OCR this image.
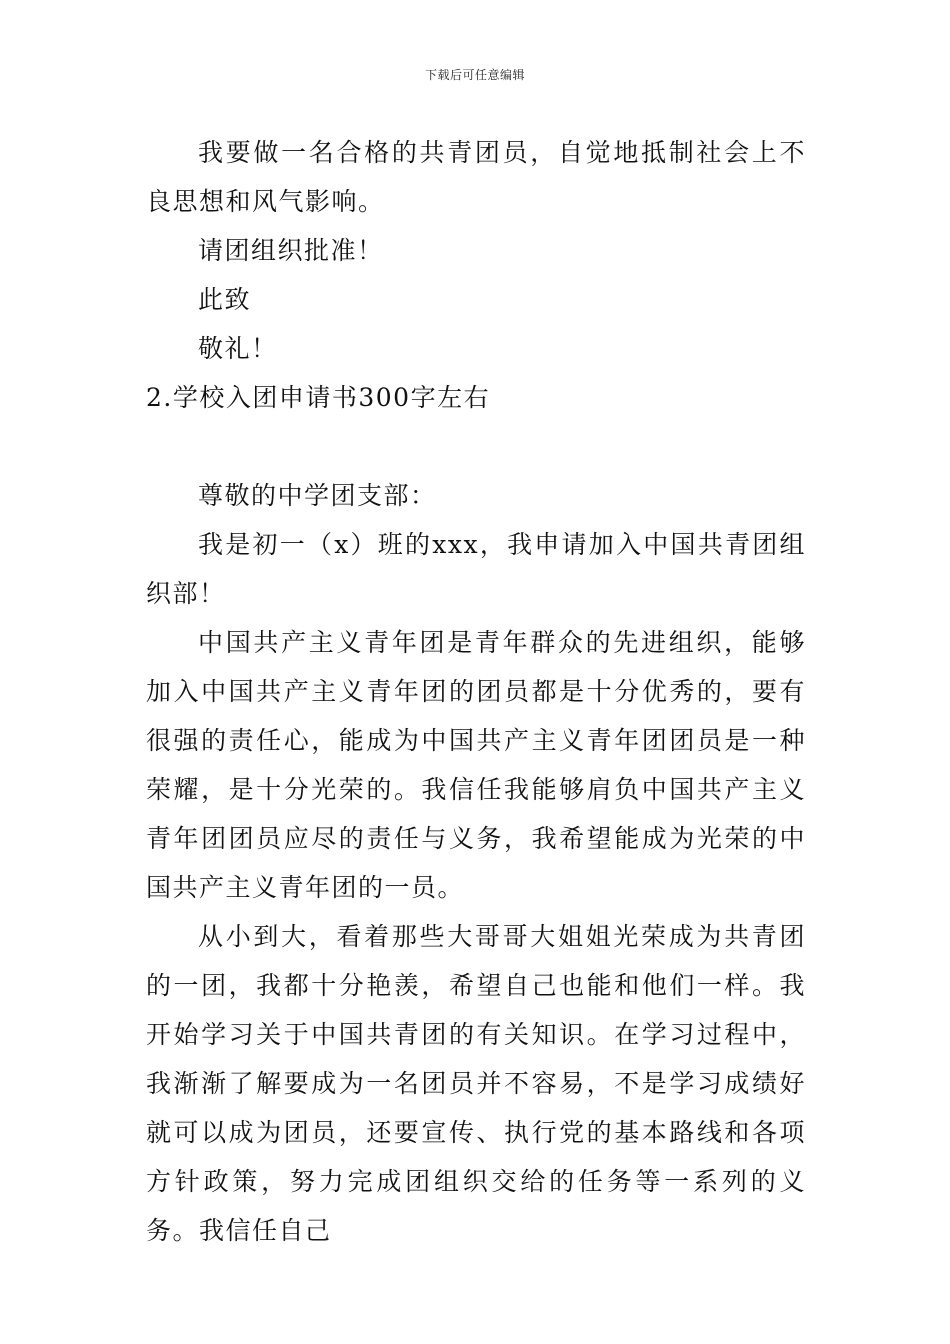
下载后可任意编辑

我要做一名合格的共青团员，自觉地抵制社会上不良思想和风气影响。

请团组织批准！

此致

敬礼！

2.学校入团申请书300字左右

尊敬的中学团支部：

我是初一（x）班的xxx，我申请加入中国共青团组织部！

中国共产主义青年团是青年群众的先进组织，能够加入中国共产主义青年团的团员都是十分优秀的，要有很强的责任心，能成为中国共产主义青年团团员是一种荣耀，是十分光荣的。我信任我能够肩负中国共产主义青年团团员应尽的责任与义务，我希望能成为光荣的中国共产主义青年团的一员。

从小到大，看着那些大哥哥大姐姐光荣成为共青团的一团，我都十分艳羡，希望自己也能和他们一样。我开始学习关于中国共青团的有关知识。在学习过程中，我渐渐了解要成为一名团员并不容易，不是学习成绩好就可以成为团员，还要宣传、执行党的基本路线和各项方针政策，努力完成团组织交给的任务等一系列的义务。我信任自己
